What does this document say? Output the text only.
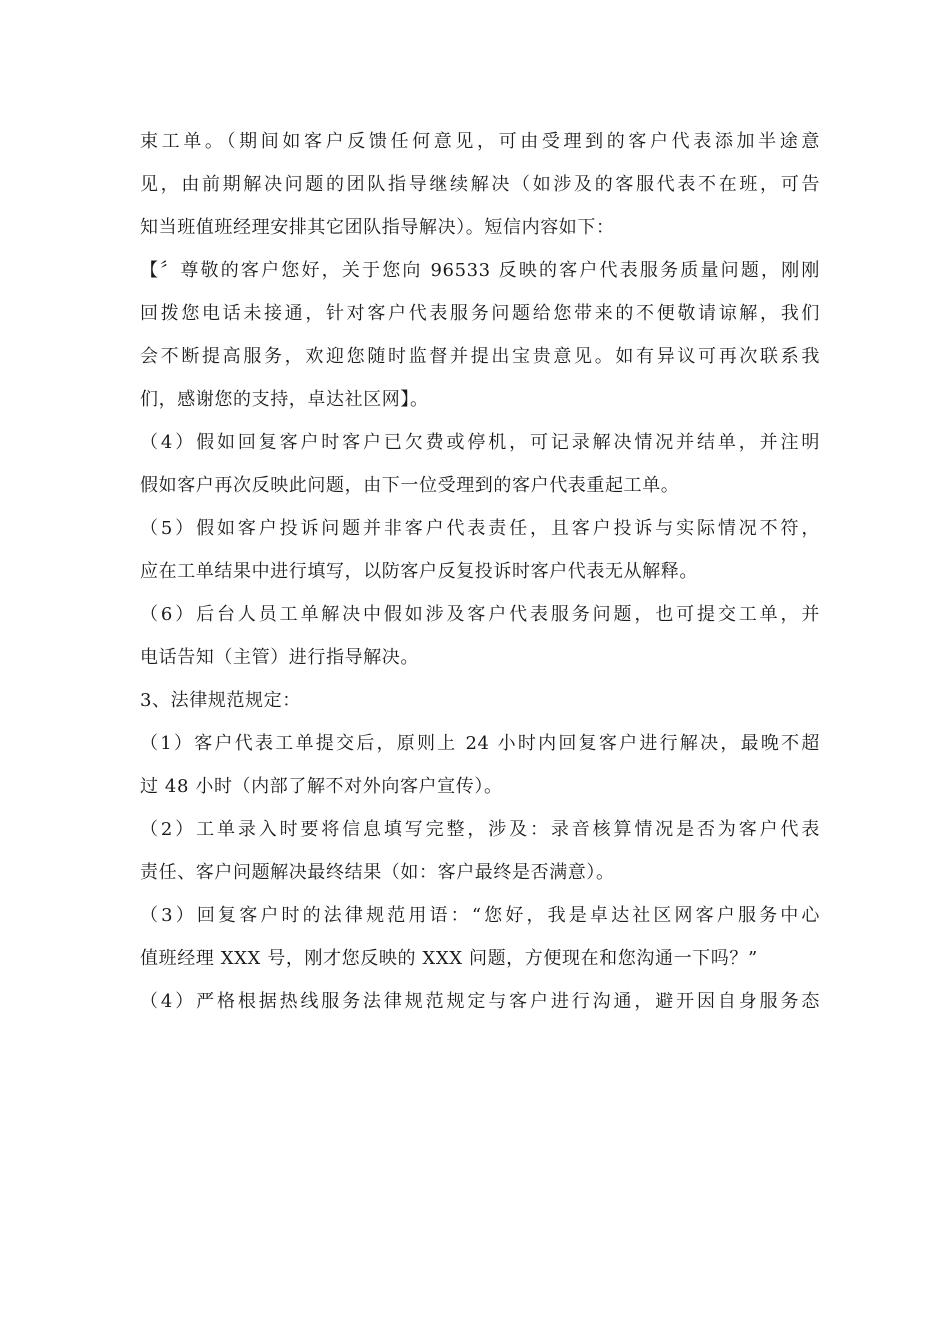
束工单。（期间如客户反馈任何意见，可由受理到的客户代表添加半途意
见，由前期解决问题的团队指导继续解决（如涉及的客服代表不在班，可告
知当班值班经理安排其它团队指导解决）。短信内容如下：
【〞尊敬的客户您好，关于您向 96533 反映的客户代表服务质量问题，刚刚
回拨您电话未接通，针对客户代表服务问题给您带来的不便敬请谅解，我们
会不断提高服务，欢迎您随时监督并提出宝贵意见。如有异议可再次联系我
们，感谢您的支持，卓达社区网】。
（4）假如回复客户时客户已欠费或停机，可记录解决情况并结单，并注明
假如客户再次反映此问题，由下一位受理到的客户代表重起工单。
（5）假如客户投诉问题并非客户代表责任，且客户投诉与实际情况不符，
应在工单结果中进行填写，以防客户反复投诉时客户代表无从解释。
（6）后台人员工单解决中假如涉及客户代表服务问题，也可提交工单，并
电话告知（主管）进行指导解决。
3、法律规范规定：
（1）客户代表工单提交后，原则上 24 小时内回复客户进行解决，最晚不超
过 48 小时（内部了解不对外向客户宣传）。
（2）工单录入时要将信息填写完整，涉及：录音核算情况是否为客户代表
责任、客户问题解决最终结果（如：客户最终是否满意）。
（3）回复客户时的法律规范用语：“您好，我是卓达社区网客户服务中心
值班经理 XXX 号，刚才您反映的 XXX 问题，方便现在和您沟通一下吗？”
（4）严格根据热线服务法律规范规定与客户进行沟通，避开因自身服务态
